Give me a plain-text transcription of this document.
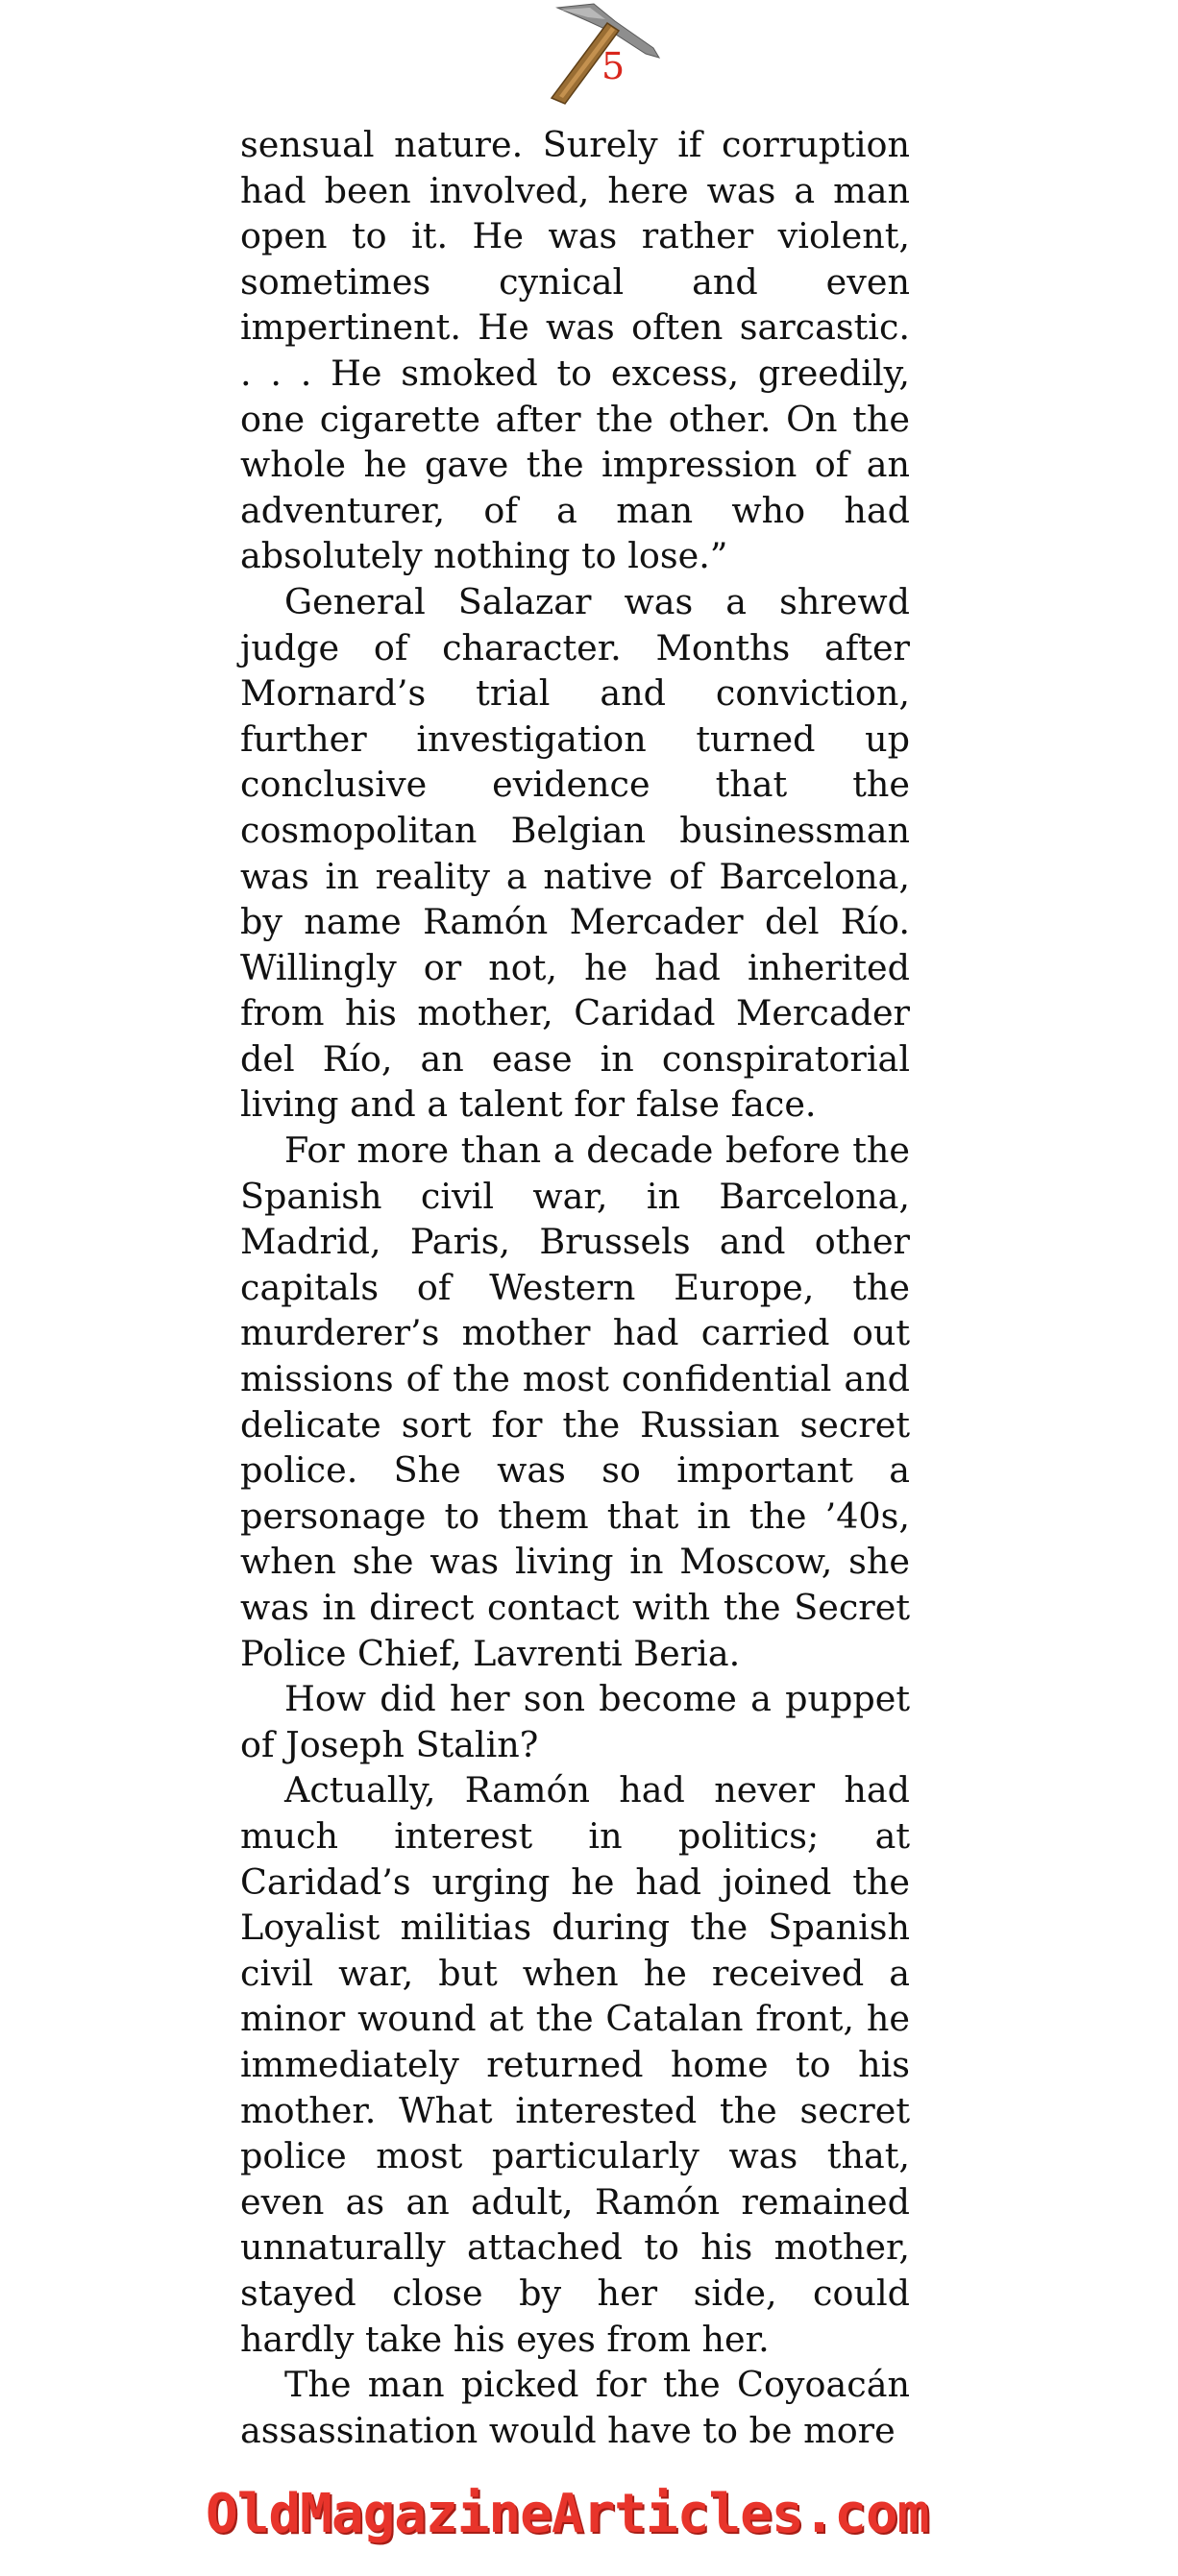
5

sensual nature. Surely if corruption had been involved, here was a man open to it. He was rather violent, sometimes cynical and even impertinent. He was often sarcastic. . . . He smoked to excess, greedily, one cigarette after the other. On the whole he gave the impression of an adventurer, of a man who had absolutely nothing to lose.”

General Salazar was a shrewd judge of character. Months after Mornard’s trial and conviction, further investigation turned up conclusive evidence that the cosmopolitan Belgian businessman was in reality a native of Barcelona, by name Ramón Mercader del Río. Willingly or not, he had inherited from his mother, Caridad Mercader del Río, an ease in conspiratorial living and a talent for false face.

For more than a decade before the Spanish civil war, in Barcelona, Madrid, Paris, Brussels and other capitals of Western Europe, the murderer’s mother had carried out missions of the most confidential and delicate sort for the Russian secret police. She was so important a personage to them that in the ’40s, when she was living in Moscow, she was in direct contact with the Secret Police Chief, Lavrenti Beria.

How did her son become a puppet of Joseph Stalin?

Actually, Ramón had never had much interest in politics; at Caridad’s urging he had joined the Loyalist militias during the Spanish civil war, but when he received a minor wound at the Catalan front, he immediately returned home to his mother. What interested the secret police most particularly was that, even as an adult, Ramón remained unnaturally attached to his mother, stayed close by her side, could hardly take his eyes from her.

The man picked for the Coyoacán assassination would have to be more

OldMagazineArticles.com
